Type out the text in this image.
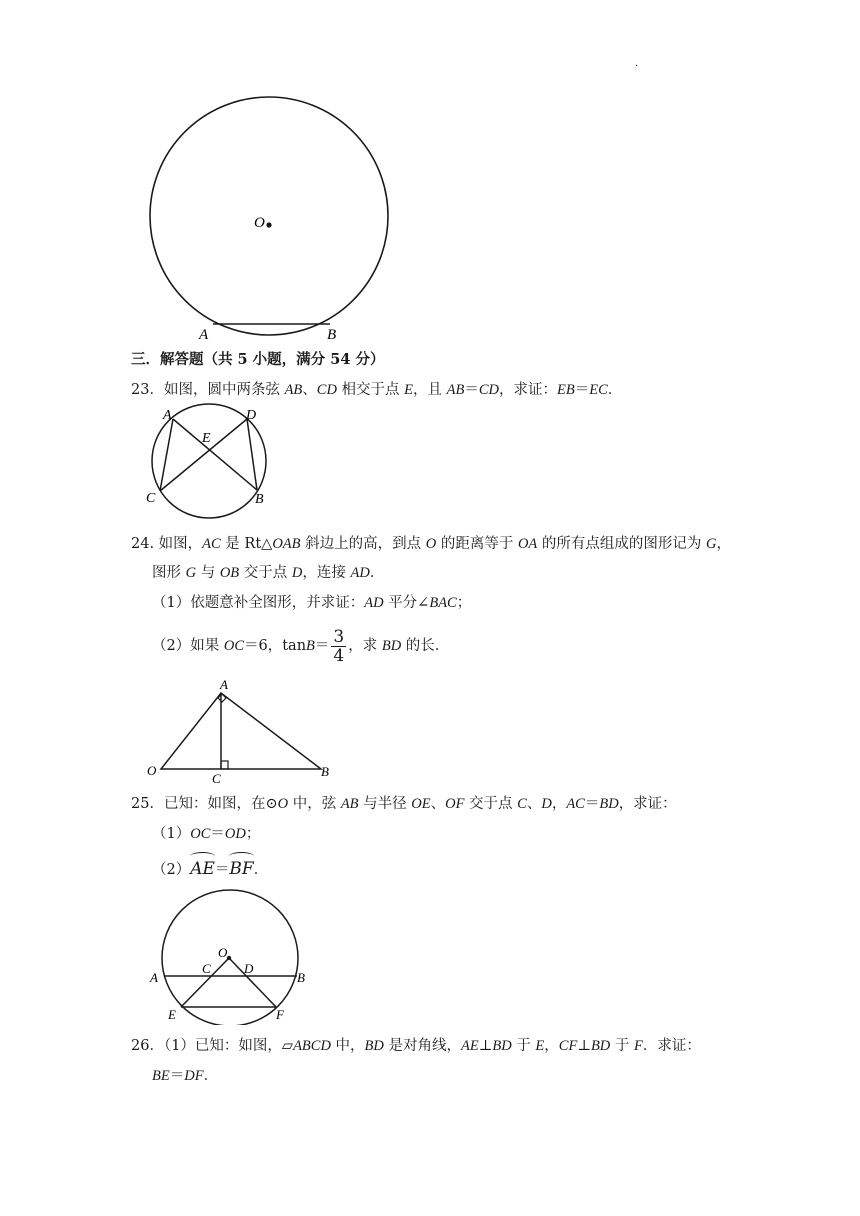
.
O
A	B
三．解答题（共 5 小题，满分 54 分）
23．如图，圆中两条弦 AB、CD 相交于点 E，且 AB＝CD，求证：EB＝EC．
A	D
E
C	B
24. 如图，AC 是 Rt△OAB 斜边上的高，到点 O 的距离等于 OA 的所有点组成的图形记为 G，
图形 G 与 OB 交于点 D，连接 AD．
（1）依题意补全图形，并求证：AD 平分∠BAC；
（2）如果 OC＝6，$\tan B= \frac{3}{4}$ ，求 BD 的长．
A
O
C	B
25．已知：如图，在⊙O 中，弦 AB 与半径 OE、OF 交于点 C、D，AC＝BD，求证：
（1）OC＝OD；
（2）AE＝BF．
O
C	D
A	B
E	F
26．（1）已知：如图，▱ABCD 中，BD 是对角线，AE⊥BD 于 E，CF⊥BD 于 F．求证：
BE＝DF．
